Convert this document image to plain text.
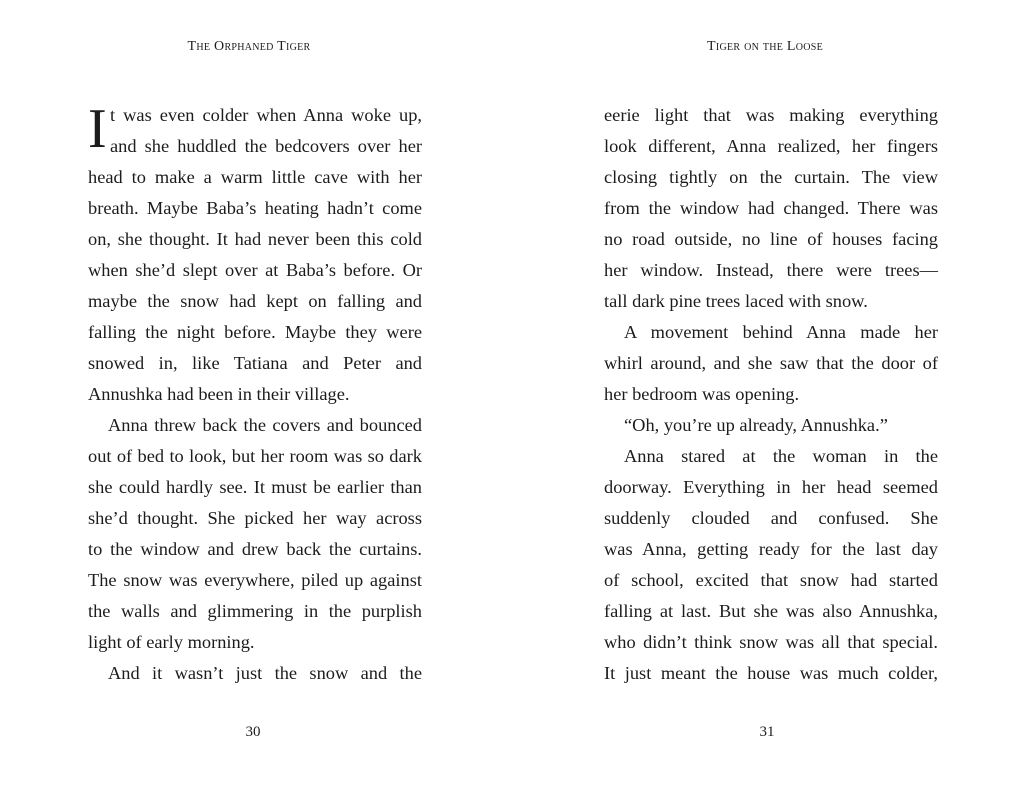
The Orphaned Tiger
I t was even colder when Anna woke up,
and she huddled the bedcovers over her
head to make a warm little cave with her
breath. Maybe Baba’s heating hadn’t come
on, she thought. It had never been this cold
when she’d slept over at Baba’s before. Or
maybe the snow had kept on falling and
falling the night before. Maybe they were
snowed in, like Tatiana and Peter and
Annushka had been in their village.
Anna threw back the covers and bounced
out of bed to look, but her room was so dark
she could hardly see. It must be earlier than
she’d thought. She picked her way across
to the window and drew back the curtains.
The snow was everywhere, piled up against
the walls and glimmering in the purplish
light of early morning.
And it wasn’t just the snow and the
30
Tiger on the Loose
eerie light that was making everything
look different, Anna realized, her fingers
closing tightly on the curtain. The view
from the window had changed. There was
no road outside, no line of houses facing
her window. Instead, there were trees—
tall dark pine trees laced with snow.
A movement behind Anna made her
whirl around, and she saw that the door of
her bedroom was opening.
“Oh, you’re up already, Annushka.”
Anna stared at the woman in the
doorway. Everything in her head seemed
suddenly clouded and confused. She
was Anna, getting ready for the last day
of school, excited that snow had started
falling at last. But she was also Annushka,
who didn’t think snow was all that special.
It just meant the house was much colder,
31
